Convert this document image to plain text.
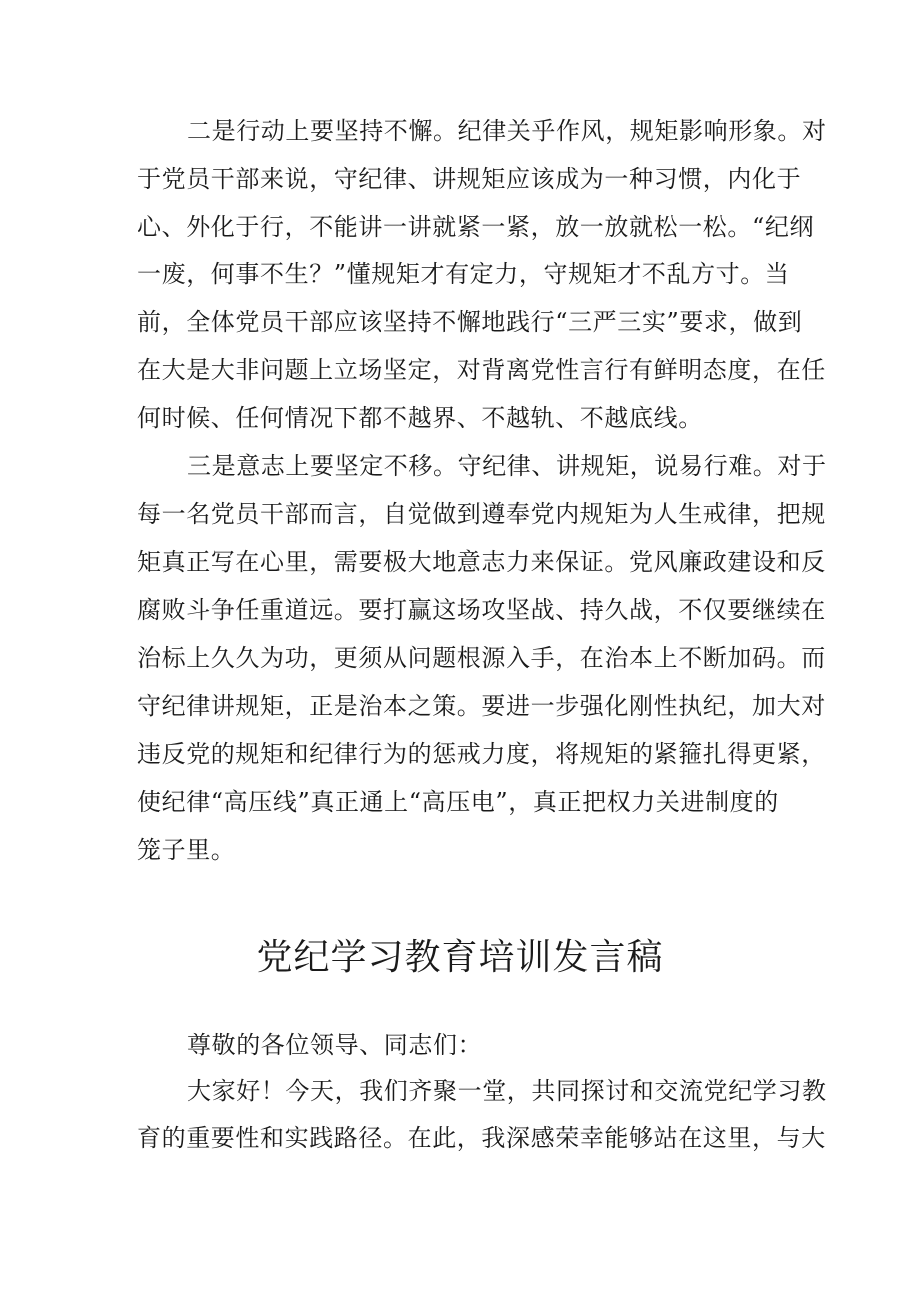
二是行动上要坚持不懈。纪律关乎作风，规矩影响形象。对
于党员干部来说，守纪律、讲规矩应该成为一种习惯，内化于
心、外化于行，不能讲一讲就紧一紧，放一放就松一松。“纪纲
一废，何事不生？”懂规矩才有定力，守规矩才不乱方寸。当
前，全体党员干部应该坚持不懈地践行“三严三实”要求，做到
在大是大非问题上立场坚定，对背离党性言行有鲜明态度，在任
何时候、任何情况下都不越界、不越轨、不越底线。
三是意志上要坚定不移。守纪律、讲规矩，说易行难。对于
每一名党员干部而言，自觉做到遵奉党内规矩为人生戒律，把规
矩真正写在心里，需要极大地意志力来保证。党风廉政建设和反
腐败斗争任重道远。要打赢这场攻坚战、持久战，不仅要继续在
治标上久久为功，更须从问题根源入手，在治本上不断加码。而
守纪律讲规矩，正是治本之策。要进一步强化刚性执纪，加大对
违反党的规矩和纪律行为的惩戒力度，将规矩的紧箍扎得更紧，
使纪律“高压线”真正通上“高压电”，真正把权力关进制度的
笼子里。
党纪学习教育培训发言稿
尊敬的各位领导、同志们：
大家好！今天，我们齐聚一堂，共同探讨和交流党纪学习教
育的重要性和实践路径。在此，我深感荣幸能够站在这里，与大
